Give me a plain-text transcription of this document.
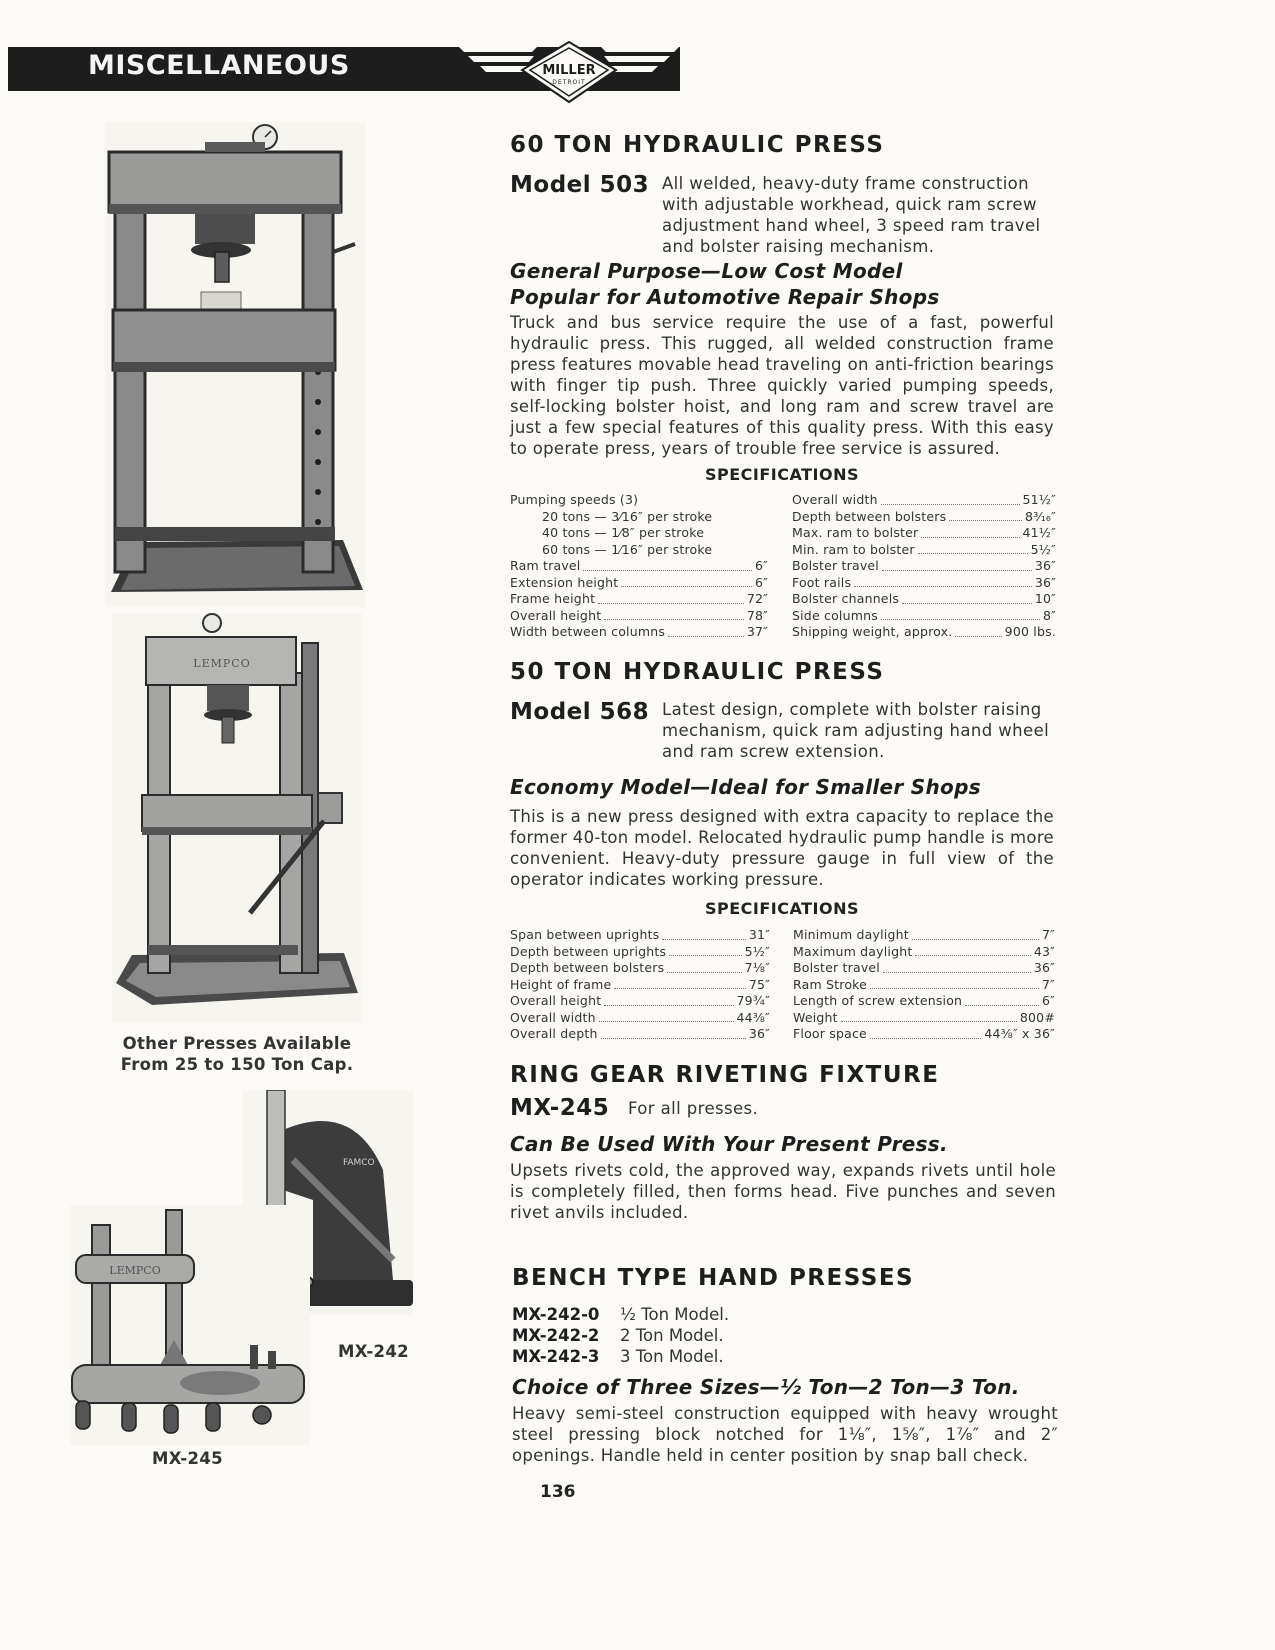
MISCELLANEOUS	MILLER
DETROIT
LEMPCO
Other Presses Available
From 25 to 150 Ton Cap.
FAMCO
LEMPCO
MX-242
MX-245
60 TON HYDRAULIC PRESS
Model 503 All welded, heavy-duty frame construction with adjustable workhead, quick ram screw adjustment hand wheel, 3 speed ram travel and bolster raising mechanism.
General Purpose—Low Cost Model
Popular for Automotive Repair Shops
Truck and bus service require the use of a fast, powerful hydraulic press. This rugged, all welded construction frame press features movable head traveling on anti-friction bearings with finger tip push. Three quickly varied pumping speeds, self-locking bolster hoist, and long ram and screw travel are just a few special features of this quality press. With this easy to operate press, years of trouble free service is assured.
SPECIFICATIONS
Pumping speeds (3)
20 tons — 3⁄16″ per stroke
40 tons — 1⁄8″ per stroke
60 tons — 1⁄16″ per stroke
Ram travel	6″
Extension height	6″
Frame height	72″
Overall height	78″
Width between columns	37″
Overall width	51½″
Depth between bolsters	8³⁄₁₆″
Max. ram to bolster	41½″
Min. ram to bolster	5½″
Bolster travel	36″
Foot rails	36″
Bolster channels	10″
Side columns	8″
Shipping weight, approx.	900 lbs.
50 TON HYDRAULIC PRESS
Model 568 Latest design, complete with bolster raising mechanism, quick ram adjusting hand wheel and ram screw extension.
Economy Model—Ideal for Smaller Shops
This is a new press designed with extra capacity to replace the former 40-ton model. Relocated hydraulic pump handle is more convenient. Heavy-duty pressure gauge in full view of the operator indicates working pressure.
SPECIFICATIONS
Span between uprights	31″
Depth between uprights	5½″
Depth between bolsters	7⅛″
Height of frame	75″
Overall height	79¾″
Overall width	44⅜″
Overall depth	36″
Minimum daylight	7″
Maximum daylight	43″
Bolster travel	36″
Ram Stroke	7″
Length of screw extension	6″
Weight	800#
Floor space	44⅜″ x 36″
RING GEAR RIVETING FIXTURE
MX-245 For all presses.
Can Be Used With Your Present Press.
Upsets rivets cold, the approved way, expands rivets until hole is completely filled, then forms head. Five punches and seven rivet anvils included.
BENCH TYPE HAND PRESSES
MX-242-0 ½ Ton Model.
MX-242-2 2 Ton Model.
MX-242-3 3 Ton Model.
Choice of Three Sizes—½ Ton—2 Ton—3 Ton.
Heavy semi-steel construction equipped with heavy wrought steel pressing block notched for 1⅛″, 1⅝″, 1⅞″ and 2″ openings. Handle held in center position by snap ball check.
136
